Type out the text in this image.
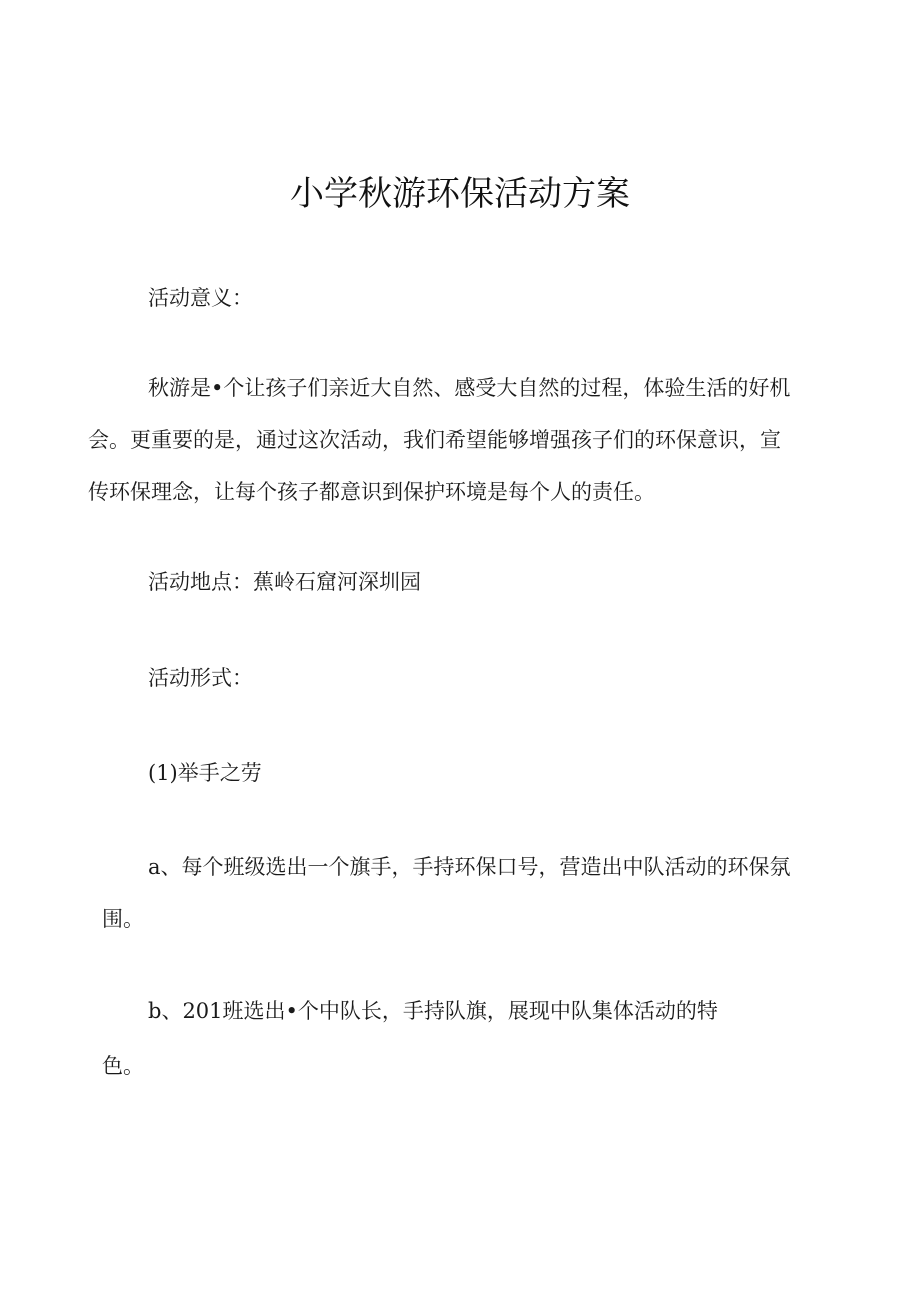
小学秋游环保活动方案
活动意义：
秋游是•个让孩子们亲近大自然、感受大自然的过程，体验生活的好机
会。更重要的是，通过这次活动，我们希望能够增强孩子们的环保意识，宣
传环保理念，让每个孩子都意识到保护环境是每个人的责任。
活动地点：蕉岭石窟河深圳园
活动形式：
(1)举手之劳
a、每个班级选出一个旗手，手持环保口号，营造出中队活动的环保氛
围。
b、201班选出•个中队长，手持队旗，展现中队集体活动的特
色。
